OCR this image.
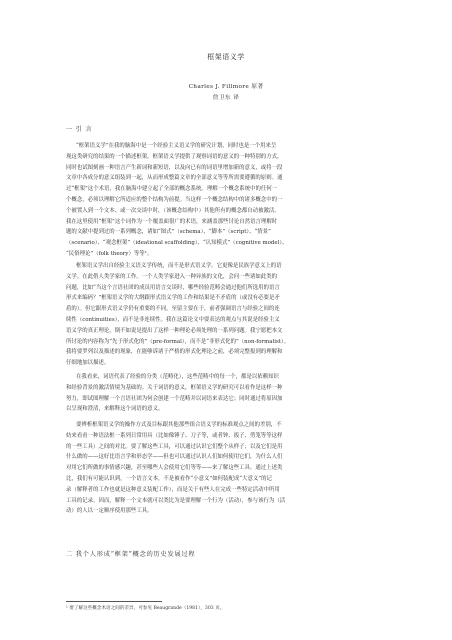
框架语义学
Charles J. Fillmore 原著
詹卫东 译
一 引 言
“框架语义学”在我的脑海中是一个经验主义语义学的研究计划，同时也是一个用来呈
现这类研究的结果的一个描述框架。框架语义学提供了观察词语的意义的一种特别的方式，
同时也试图刻画一种语言产生新词和新短语，以及向已有的词语里增加新的意义，或将一段
文章中各成分的意义组装到一起，从而形成整篇文章的全部意义等等所需要遵循的原则。通
过“框架”这个术语，我在脑海中建立起了全部的概念系统。理解一个概念系统中的任何一
个概念，必须以理解它所适应的整个结构为前提。当这样一个概念结构中的诸多概念中的一
个被置入到一个文本、或一次交谈中时，（该概念结构中）其他所有的概念都自动被激活。
我在这里使用“框架”这个词作为一个覆盖面很广的术语，来涵盖那些讨论自然语言理解时
题的文献中提到过的一系列概念，诸如“图式”（schema）、“脚本”（script）、“情景”
（scenario）、“观念框架”（ideational scaffolding）、“认知模式”（cognitive model）、
“民俗理论”（folk theory）等等¹。
框架语义学出自经验主义语义学传统，而不是形式语义学。它更像是民族学意义上的语
义学。在此借人类学家的工作。一个人类学家进入一种异族的文化，会问一些诸如此类的
问题，比如“当这个言语社团的成员用语言交谈时，哪些经验范畴会通过他们所选用的语言
形式来编码？”框架语义学的大纲跟形式语义学的工作和结果是不矛盾的（或没有必要是矛
盾的）。但它跟形式语义学仍有重要的不同，至留主要在于，前者强调语言与经验之间的连
续性（continuities），而不是非连续性。我在这篇论文中要表达的观点与其说是经验主义
语义学的真正理论，倒不如说是提出了这样一种理论必须处理的一系列问题。我宁愿把本文
所讨论的内容称为“先于形式化的”（pre-formal），而不是“非形式化的”（non-formalist）。
我将要罗列以及描述的现象，在能够诉诸于严格的形式化理论之前，必须完整报到的理解和
仔细地加以描述。
在我看来，词语代表了经验的分类（范畴化），这些范畴中的每一个，都是以依赖知识
和经验背景的激活情境为基础的。关于词语的意义，框架语义学的研究可以看作是这样一种
努力，即试图理解一个言语社团为何会创建一个范畴并以词语来表达它；同时通过将原因加
以呈现和澄清，来解释这个词语的意义。
要辨析框架语义学的操作方式及目标跟其他那些组合语义学的标准观点之间的差别，不
妨来看看一种语法框一系列日常用具（比如像锤子、刀子等，或者钟、扳子、剪笼等等这样
的一些工具）之间的对比。要了解这些工具，可以通过认识它们整个从样子；以及它们是用
什么做的——这好比语言学和形态学——但也可以通过认识人们如何使用它们，为什么人们
对用它们所做的事情感兴趣，甚至哪些人会使用它们等等——来了解这些工具。通过上述类
比，我们有可能认识到，一个语言文本，不是被看作“小意义”如何装配成“大意义”的记
录（解释者的工作也就是这种意义装配工作），而是关于有些人在完成一些特定活动中所用
工具的记录。因而，解释一个文本就可以类比为是要理解一个行为（活动），参与该行为（活
动）的人以一定顺序使用那些工具。
二 我个人形成“框架”概念的历史发展过程
¹ 要了解这些概念术语之间的差异，可参见 Beaugrande（1981），303 页。
